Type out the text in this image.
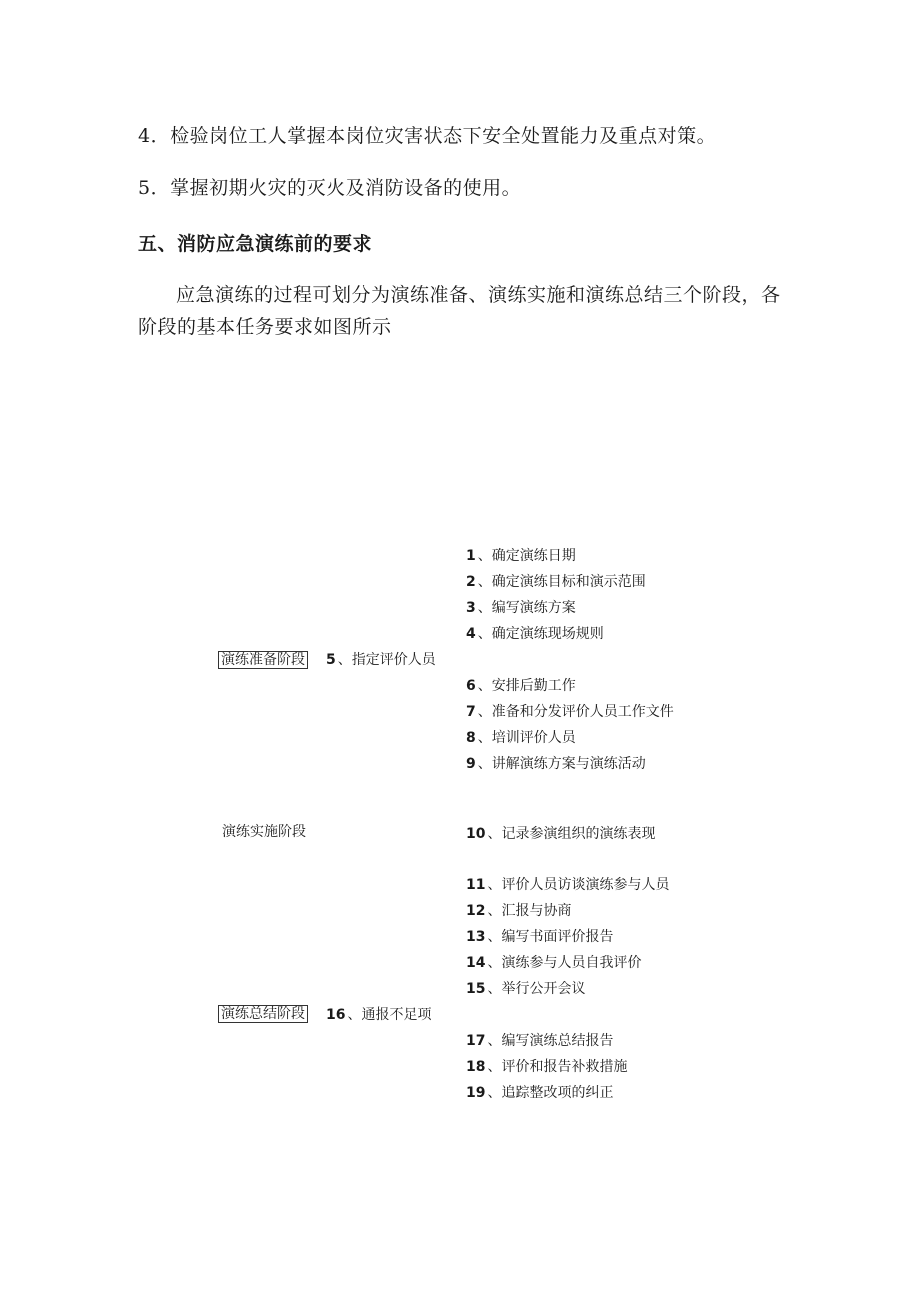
4．检验岗位工人掌握本岗位灾害状态下安全处置能力及重点对策。
5．掌握初期火灾的灭火及消防设备的使用。
五、消防应急演练前的要求
应急演练的过程可划分为演练准备、演练实施和演练总结三个阶段，各阶段的基本任务要求如图所示
演练准备阶段
演练实施阶段
演练总结阶段
1 、确定演练日期
2 、确定演练目标和演示范围
3 、编写演练方案
4 、确定演练现场规则
5 、指定评价人员
6 、安排后勤工作
7 、准备和分发评价人员工作文件
8 、培训评价人员
9 、讲解演练方案与演练活动
10 、记录参演组织的演练表现
11 、评价人员访谈演练参与人员
12 、汇报与协商
13 、编写书面评价报告
14 、演练参与人员自我评价
15 、举行公开会议
16 、通报不足项
17 、编写演练总结报告
18 、评价和报告补救措施
19 、追踪整改项的纠正
